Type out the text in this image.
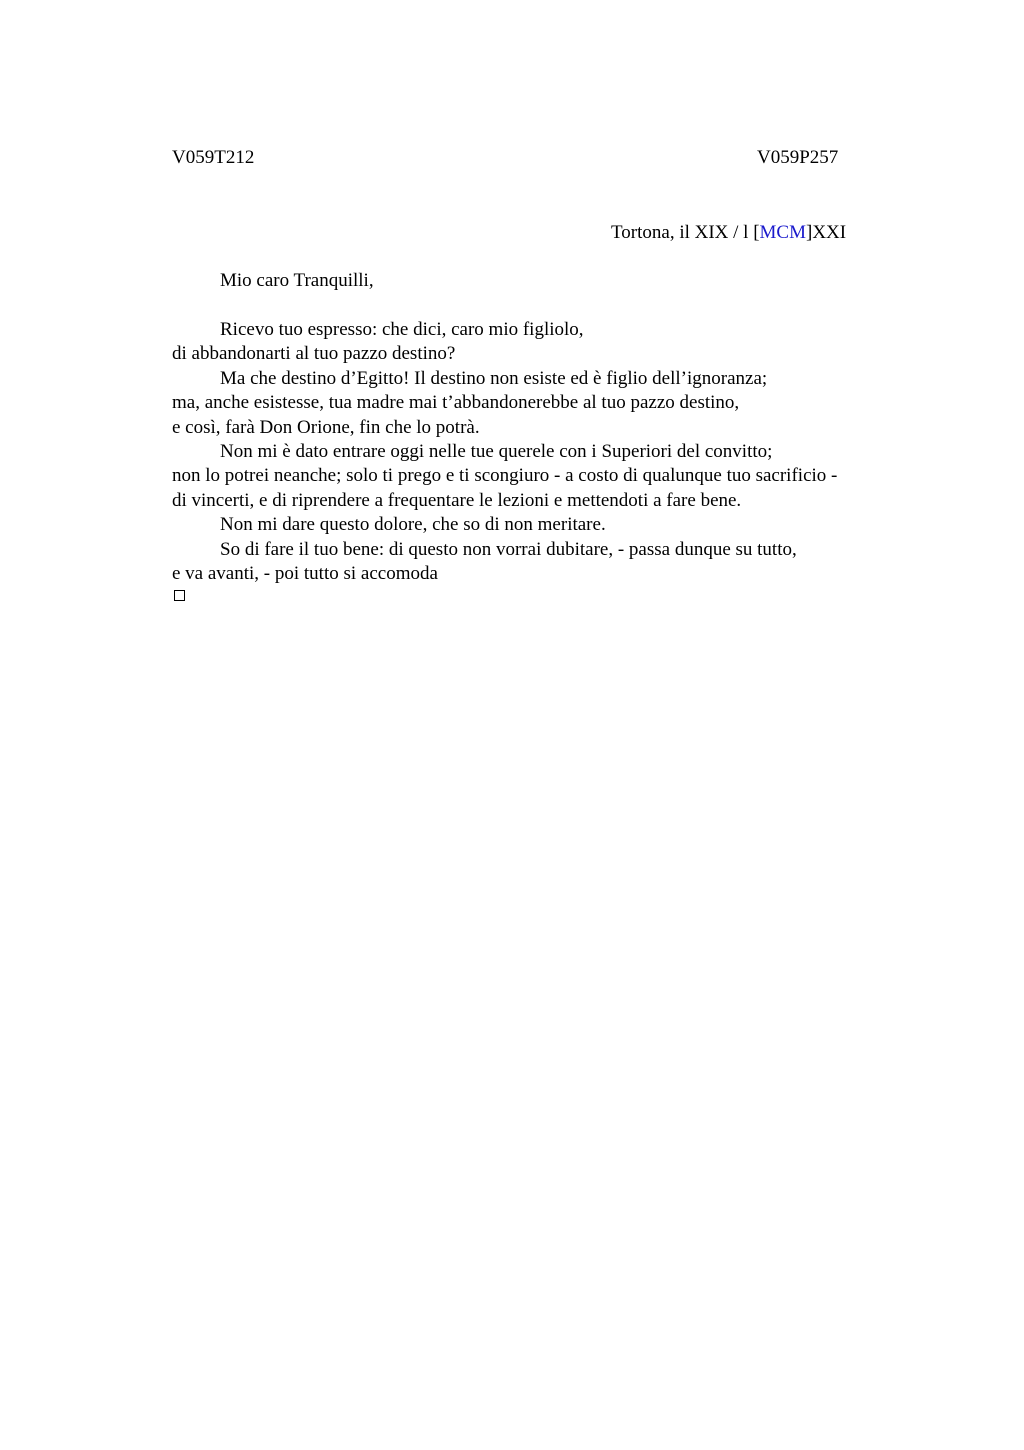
V059T212	V059P257
Tortona, il XIX / l [MCM]XXI
Mio caro Tranquilli,
Ricevo tuo espresso: che dici, caro mio figliolo,
di abbandonarti al tuo pazzo destino?
Ma che destino d’Egitto! Il destino non esiste ed è figlio dell’ignoranza;
ma, anche esistesse, tua madre mai t’abbandonerebbe al tuo pazzo destino,
e così, farà Don Orione, fin che lo potrà.
Non mi è dato entrare oggi nelle tue querele con i Superiori del convitto;
non lo potrei neanche; solo ti prego e ti scongiuro - a costo di qualunque tuo sacrificio -
di vincerti, e di riprendere a frequentare le lezioni e mettendoti a fare bene.
Non mi dare questo dolore, che so di non meritare.
So di fare il tuo bene: di questo non vorrai dubitare, - passa dunque su tutto,
e va avanti, - poi tutto si accomoda
